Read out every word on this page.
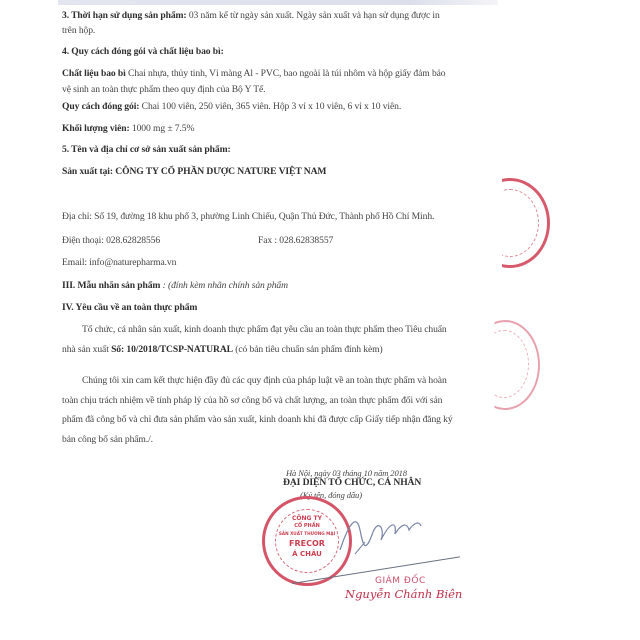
3. Thời hạn sử dụng sản phẩm: 03 năm kể từ ngày sản xuất. Ngày sản xuất và hạn sử dụng được in
trên hộp.
4. Quy cách đóng gói và chất liệu bao bì:
Chất liệu bao bì Chai nhựa, thủy tinh, Vỉ màng Al - PVC, bao ngoài là túi nhôm và hộp giấy đảm bảo
vệ sinh an toàn thực phẩm theo quy định của Bộ Y Tế.
Quy cách đóng gói: Chai 100 viên, 250 viên, 365 viên. Hộp 3 vỉ x 10 viên, 6 vỉ x 10 viên.
Khối lượng viên: 1000 mg ± 7.5%
5. Tên và địa chỉ cơ sở sản xuất sản phẩm:
Sản xuất tại: CÔNG TY CỔ PHẦN DƯỢC NATURE VIỆT NAM
Địa chỉ: Số 19, đường 18 khu phố 3, phường Linh Chiểu, Quận Thủ Đức, Thành phố Hồ Chí Minh.
Điện thoại: 028.62828556	Fax : 028.62838557
Email: info@naturepharma.vn
III. Mẫu nhãn sản phẩm : (đính kèm nhãn chính sản phẩm
IV. Yêu cầu về an toàn thực phẩm
Tổ chức, cá nhân sản xuất, kinh doanh thực phẩm đạt yêu cầu an toàn thực phẩm theo Tiêu chuẩn
nhà sản xuất Số: 10/2018/TCSP-NATURAL (có bản tiêu chuẩn sản phẩm đính kèm)
Chúng tôi xin cam kết thực hiện đầy đủ các quy định của pháp luật về an toàn thực phẩm và hoàn
toàn chịu trách nhiệm về tính pháp lý của hồ sơ công bố và chất lượng, an toàn thực phẩm đối với sản
phẩm đã công bố và chỉ đưa sản phẩm vào sản xuất, kinh doanh khi đã được cấp Giấy tiếp nhận đăng ký
bản công bố sản phẩm./.
Hà Nội, ngày 03 tháng 10 năm 2018
ĐẠI DIỆN TỔ CHỨC, CÁ NHÂN
(Ký tên, đóng dấu)
CÔNG TY
CỔ PHẦN
SẢN XUẤT THƯƠNG MẠI
FRECOR
Á CHÂU
GIÁM ĐỐC
Nguyễn Chánh Biên
